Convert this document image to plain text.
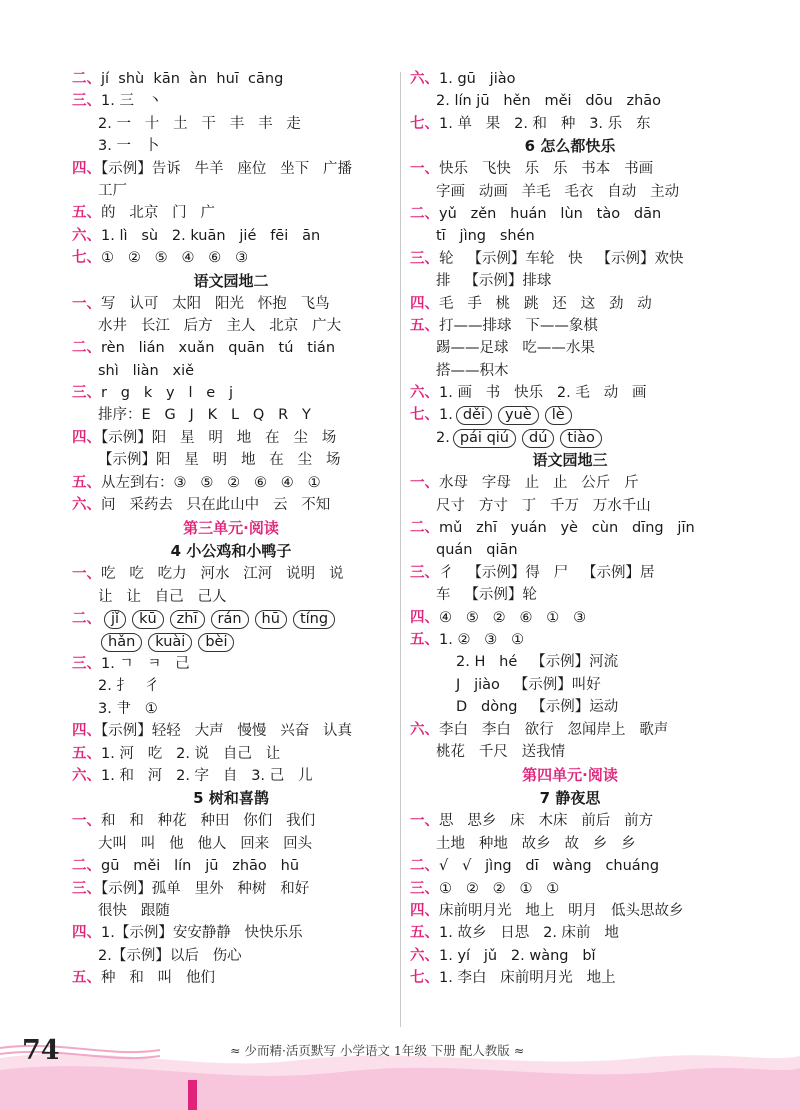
二、jí  shù  kān  àn  huī  cāng
三、1. 三   丶
2. 一   十   土   干   丰   丰   走
3. 一   卜
四、【示例】告诉   牛羊   座位   坐下   广播
工厂
五、的   北京   门   广
六、1. lì   sù   2. kuān   jié   fēi   ān
七、①   ②   ⑤   ④   ⑥   ③
语文园地二
一、写   认可   太阳   阳光   怀抱   飞鸟
水井   长江   后方   主人   北京   广大
二、rèn   lián   xuǎn   quān   tú   tián
shì   liàn   xiě
三、r   g   k   y   l   e   j
排序：E   G   J   K   L   Q   R   Y
四、【示例】阳   星   明   地   在   尘   场
【示例】阳   星   明   地   在   尘   场
五、从左到右：③   ⑤   ②   ⑥   ④   ①
六、问   采药去   只在此山中   云   不知
第三单元·阅读
4 小公鸡和小鸭子
一、吃   吃   吃力   河水   江河   说明   说
让   让   自己   己人
二、 jǐ kū zhī rán hū tíng
hǎn kuài bèi
三、1. ㄱ   ㅋ   己
2. 扌   彳
3. 肀   ①
四、【示例】轻轻   大声   慢慢   兴奋   认真
五、1. 河   吃   2. 说   自己   让
六、1. 和   河   2. 字   自   3. 己   儿
5 树和喜鹊
一、和   和   种花   种田   你们   我们
大叫   叫   他   他人   回来   回头
二、gū   měi   lín   jū   zhāo   hū
三、【示例】孤单   里外   种树   和好
很快   跟随
四、1.【示例】安安静静   快快乐乐
2.【示例】以后   伤心
五、种   和   叫   他们
六、1. gū   jiào
2. lín jū   hěn   měi   dōu   zhāo
七、1. 单   果   2. 和   种   3. 乐   东
6 怎么都快乐
一、快乐   飞快   乐   乐   书本   书画
字画   动画   羊毛   毛衣   自动   主动
二、yǔ   zěn   huán   lùn   tào   dān
tī   jìng   shén
三、轮   【示例】车轮   快   【示例】欢快
排   【示例】排球
四、毛   手   桃   跳   还   这   劲   动
五、打——排球   下——象棋
踢——足球   吃——水果
搭——积木
六、1. 画   书   快乐   2. 毛   动   画
七、1. děi yuè lè
2. pái qiú dú tiào
语文园地三
一、水母   字母   止   止   公斤   斤
尺寸   方寸   丁   千万   万水千山
二、mǔ   zhī   yuán   yè   cùn   dīng   jīn
quán   qiān
三、彳   【示例】得   尸   【示例】居
车   【示例】轮
四、④   ⑤   ②   ⑥   ①   ③
五、1. ②   ③   ①
2. H   hé   【示例】河流
J   jiào   【示例】叫好
D   dòng   【示例】运动
六、李白   李白   欲行   忽闻岸上   歌声
桃花   千尺   送我情
第四单元·阅读
7 静夜思
一、思   思乡   床   木床   前后   前方
土地   种地   故乡   故   乡   乡
二、√   √   jìng   dī   wàng   chuáng
三、①   ②   ②   ①   ①
四、床前明月光   地上   明月   低头思故乡
五、1. 故乡   日思   2. 床前   地
六、1. yí   jǔ   2. wàng   bǐ
七、1. 李白   床前明月光   地上
74	≈ 少而精·活页默写 小学语文 1年级 下册 配人教版 ≈
